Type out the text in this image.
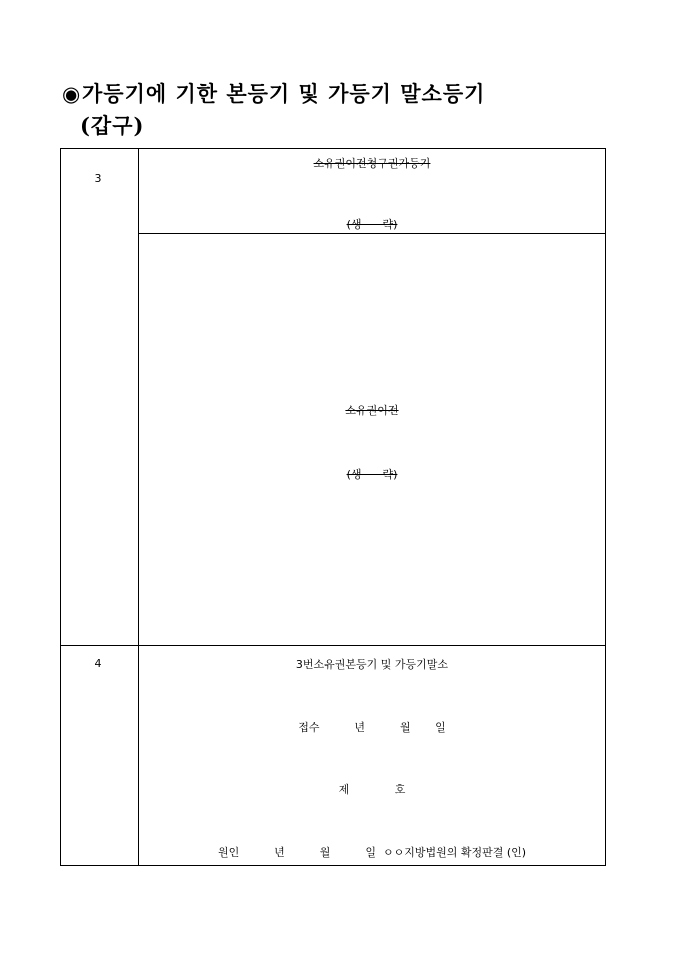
◉가등기에 기한 본등기 및 가등기 말소등기
(갑구)
3
소유권이전청구권가등기
(생      략)
소유권이전
(생      략)
4	3번소유권본등기 및 가등기말소
접수          년          월       일
제             호
원인          년          월          일  ㅇㅇ지방법원의 확정판결 (인)
